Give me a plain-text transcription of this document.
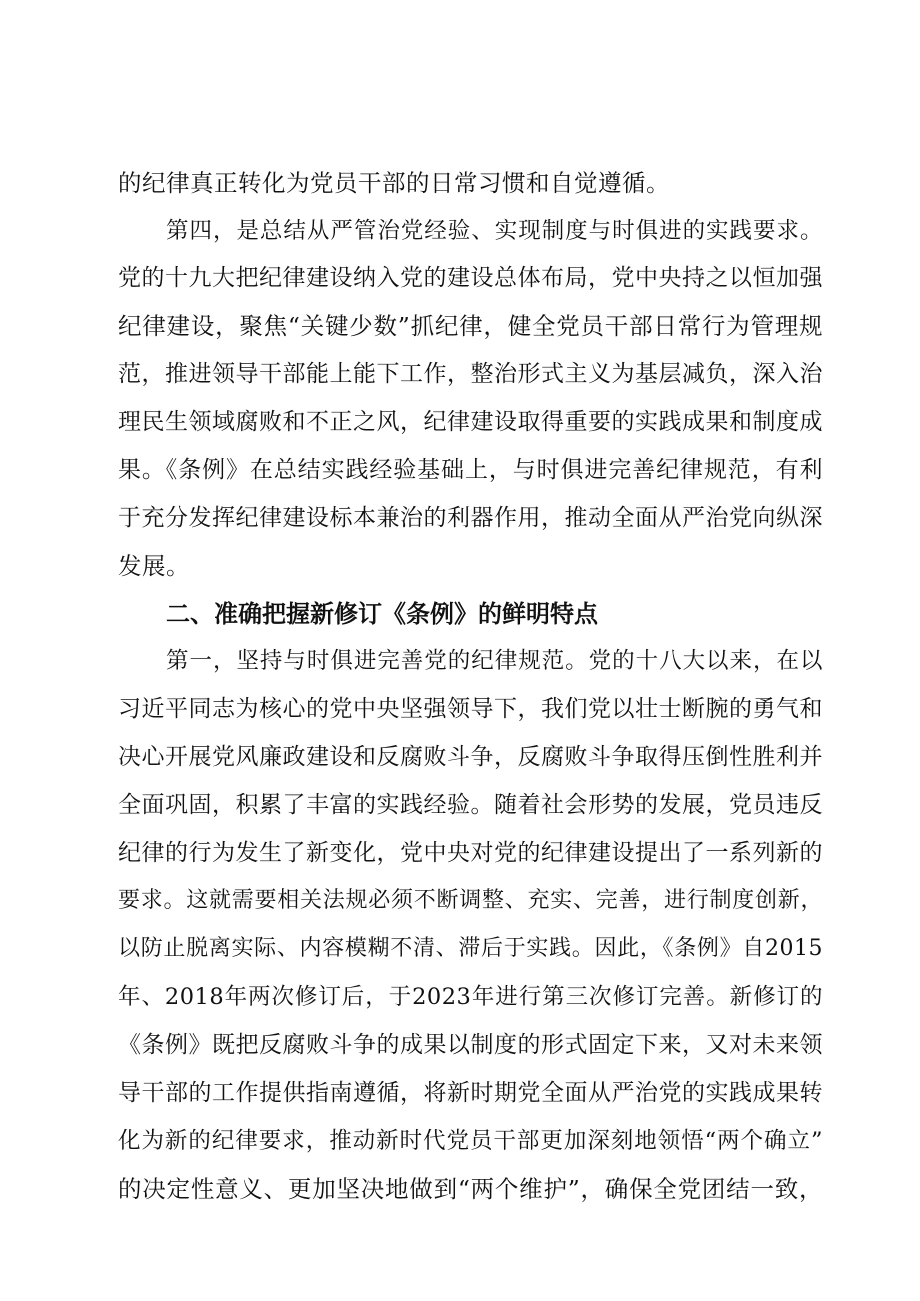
的纪律真正转化为党员干部的日常习惯和自觉遵循。
第四，是总结从严管治党经验、实现制度与时俱进的实践要求。
党的十九大把纪律建设纳入党的建设总体布局，党中央持之以恒加强
纪律建设，聚焦“关键少数”抓纪律，健全党员干部日常行为管理规
范，推进领导干部能上能下工作，整治形式主义为基层减负，深入治
理民生领域腐败和不正之风，纪律建设取得重要的实践成果和制度成
果。《条例》在总结实践经验基础上，与时俱进完善纪律规范，有利
于充分发挥纪律建设标本兼治的利器作用，推动全面从严治党向纵深
发展。
二、准确把握新修订《条例》的鲜明特点
第一，坚持与时俱进完善党的纪律规范。党的十八大以来，在以
习近平同志为核心的党中央坚强领导下，我们党以壮士断腕的勇气和
决心开展党风廉政建设和反腐败斗争，反腐败斗争取得压倒性胜利并
全面巩固，积累了丰富的实践经验。随着社会形势的发展，党员违反
纪律的行为发生了新变化，党中央对党的纪律建设提出了一系列新的
要求。这就需要相关法规必须不断调整、充实、完善，进行制度创新，
以防止脱离实际、内容模糊不清、滞后于实践。因此，《条例》自2015
年、2018年两次修订后，于2023年进行第三次修订完善。新修订的
《条例》既把反腐败斗争的成果以制度的形式固定下来，又对未来领
导干部的工作提供指南遵循，将新时期党全面从严治党的实践成果转
化为新的纪律要求，推动新时代党员干部更加深刻地领悟“两个确立”
的决定性意义、更加坚决地做到“两个维护”，确保全党团结一致，
